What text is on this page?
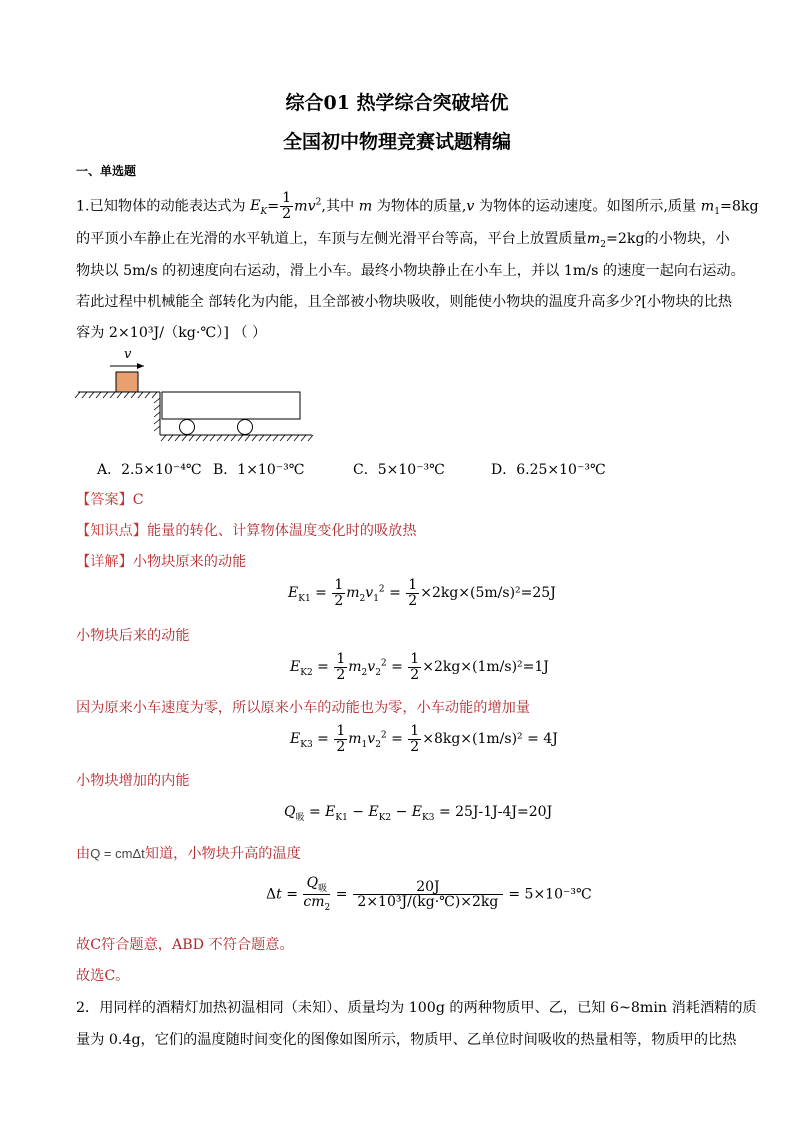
综合01 热学综合突破培优
全国初中物理竞赛试题精编
一、单选题
1.已知物体的动能表达式为 $E_K= \frac{1}{2} mv^2$,其中 m 为物体的质量,v 为物体的运动速度。如图所示,质量 $m_1=8kg$
的平顶小车静止在光滑的水平轨道上，车顶与左侧光滑平台等高，平台上放置质量$m_2=2kg$的小物块，小
物块以 5m/s 的初速度向右运动，滑上小车。最终小物块静止在小车上，并以 1m/s 的速度一起向右运动。
若此过程中机械能全 部转化为内能，且全部被小物块吸收，则能使小物块的温度升高多少?[小物块的比热
容为 2×10³J/（kg·℃）] （ ）
v
A．2.5×10⁻⁴℃ B．1×10⁻³℃	C．5×10⁻³℃	D．6.25×10⁻³℃
【答案】C
【知识点】能量的转化、计算物体温度变化时的吸放热
【详解】小物块原来的动能
$E_{K1} = \frac{1}{2} m_2v_1^2 = \frac{1}{2} \times 2kg\times(5m/s)^2=25J$
小物块后来的动能
$E_{K2} = \frac{1}{2} m_2v_2^2 = \frac{1}{2} \times 2kg\times(1m/s)^2=1J$
因为原来小车速度为零，所以原来小车的动能也为零，小车动能的增加量
$E_{K3} = \frac{1}{2} m_1v_2^2 = \frac{1}{2} \times 8kg\times(1m/s)^2 = 4J$
小物块增加的内能
$Q_吸 = E_{K1} - E_{K2} - E_{K3} = 25J-1J-4J=20J$
由Q = cmΔt知道，小物块升高的温度
$\Delta t = \frac{Q_吸}{cm_2} = \frac{20J}{\text{2×10³J/(kg·℃)×2kg}}$ = 5×10⁻³℃
故C符合题意，ABD 不符合题意。
故选C。
2．用同样的酒精灯加热初温相同（未知）、质量均为 100g 的两种物质甲、乙，已知 6~8min 消耗酒精的质
量为 0.4g，它们的温度随时间变化的图像如图所示，物质甲、乙单位时间吸收的热量相等，物质甲的比热
